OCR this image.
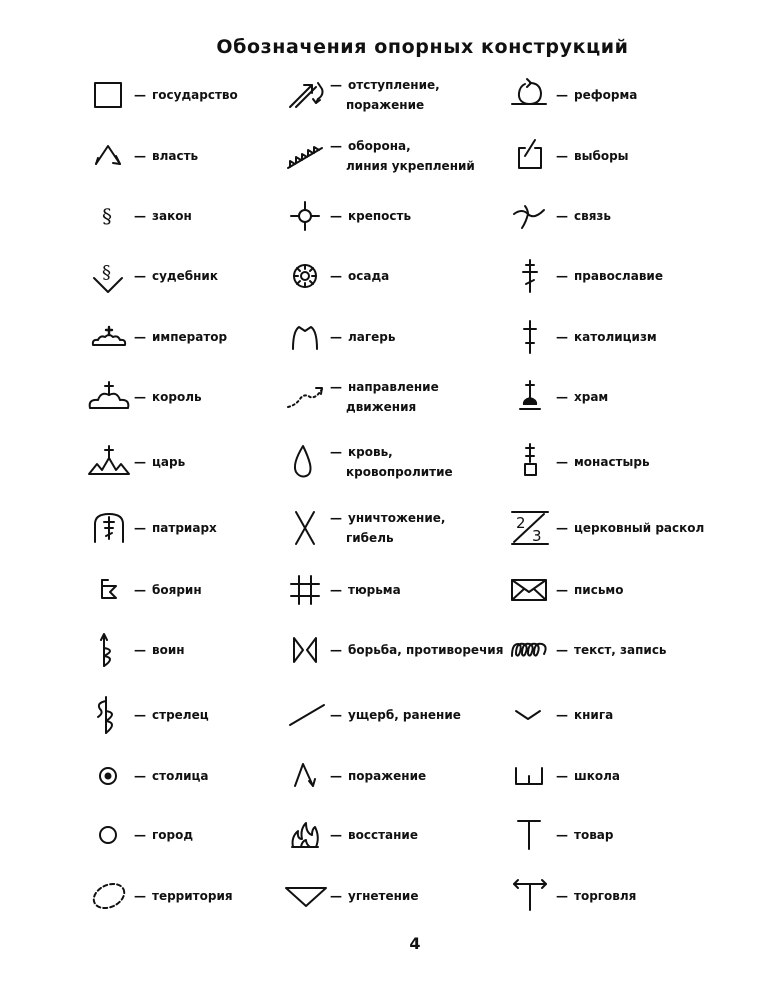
Обозначения опорных конструкций
— государство
— власть
§ — закон
§ — судебник
— император
— король
— царь
— патриарх
— боярин
— воин
— стрелец
— столица
— город
— территория
— отступление,
поражение
— оборона,
линия укреплений
— крепость
— осада
— лагерь
— направление
движения
— кровь,
кровопролитие
— уничтожение,
гибель
— тюрьма
— борьба, противоречия
— ущерб, ранение
— поражение
— восстание
— угнетение
— реформа
— выборы
— связь
— православие
— католицизм
— храм
— монастырь
2
3 — церковный раскол
— письмо
— текст, запись
— книга
— школа
— товар
— торговля
4
